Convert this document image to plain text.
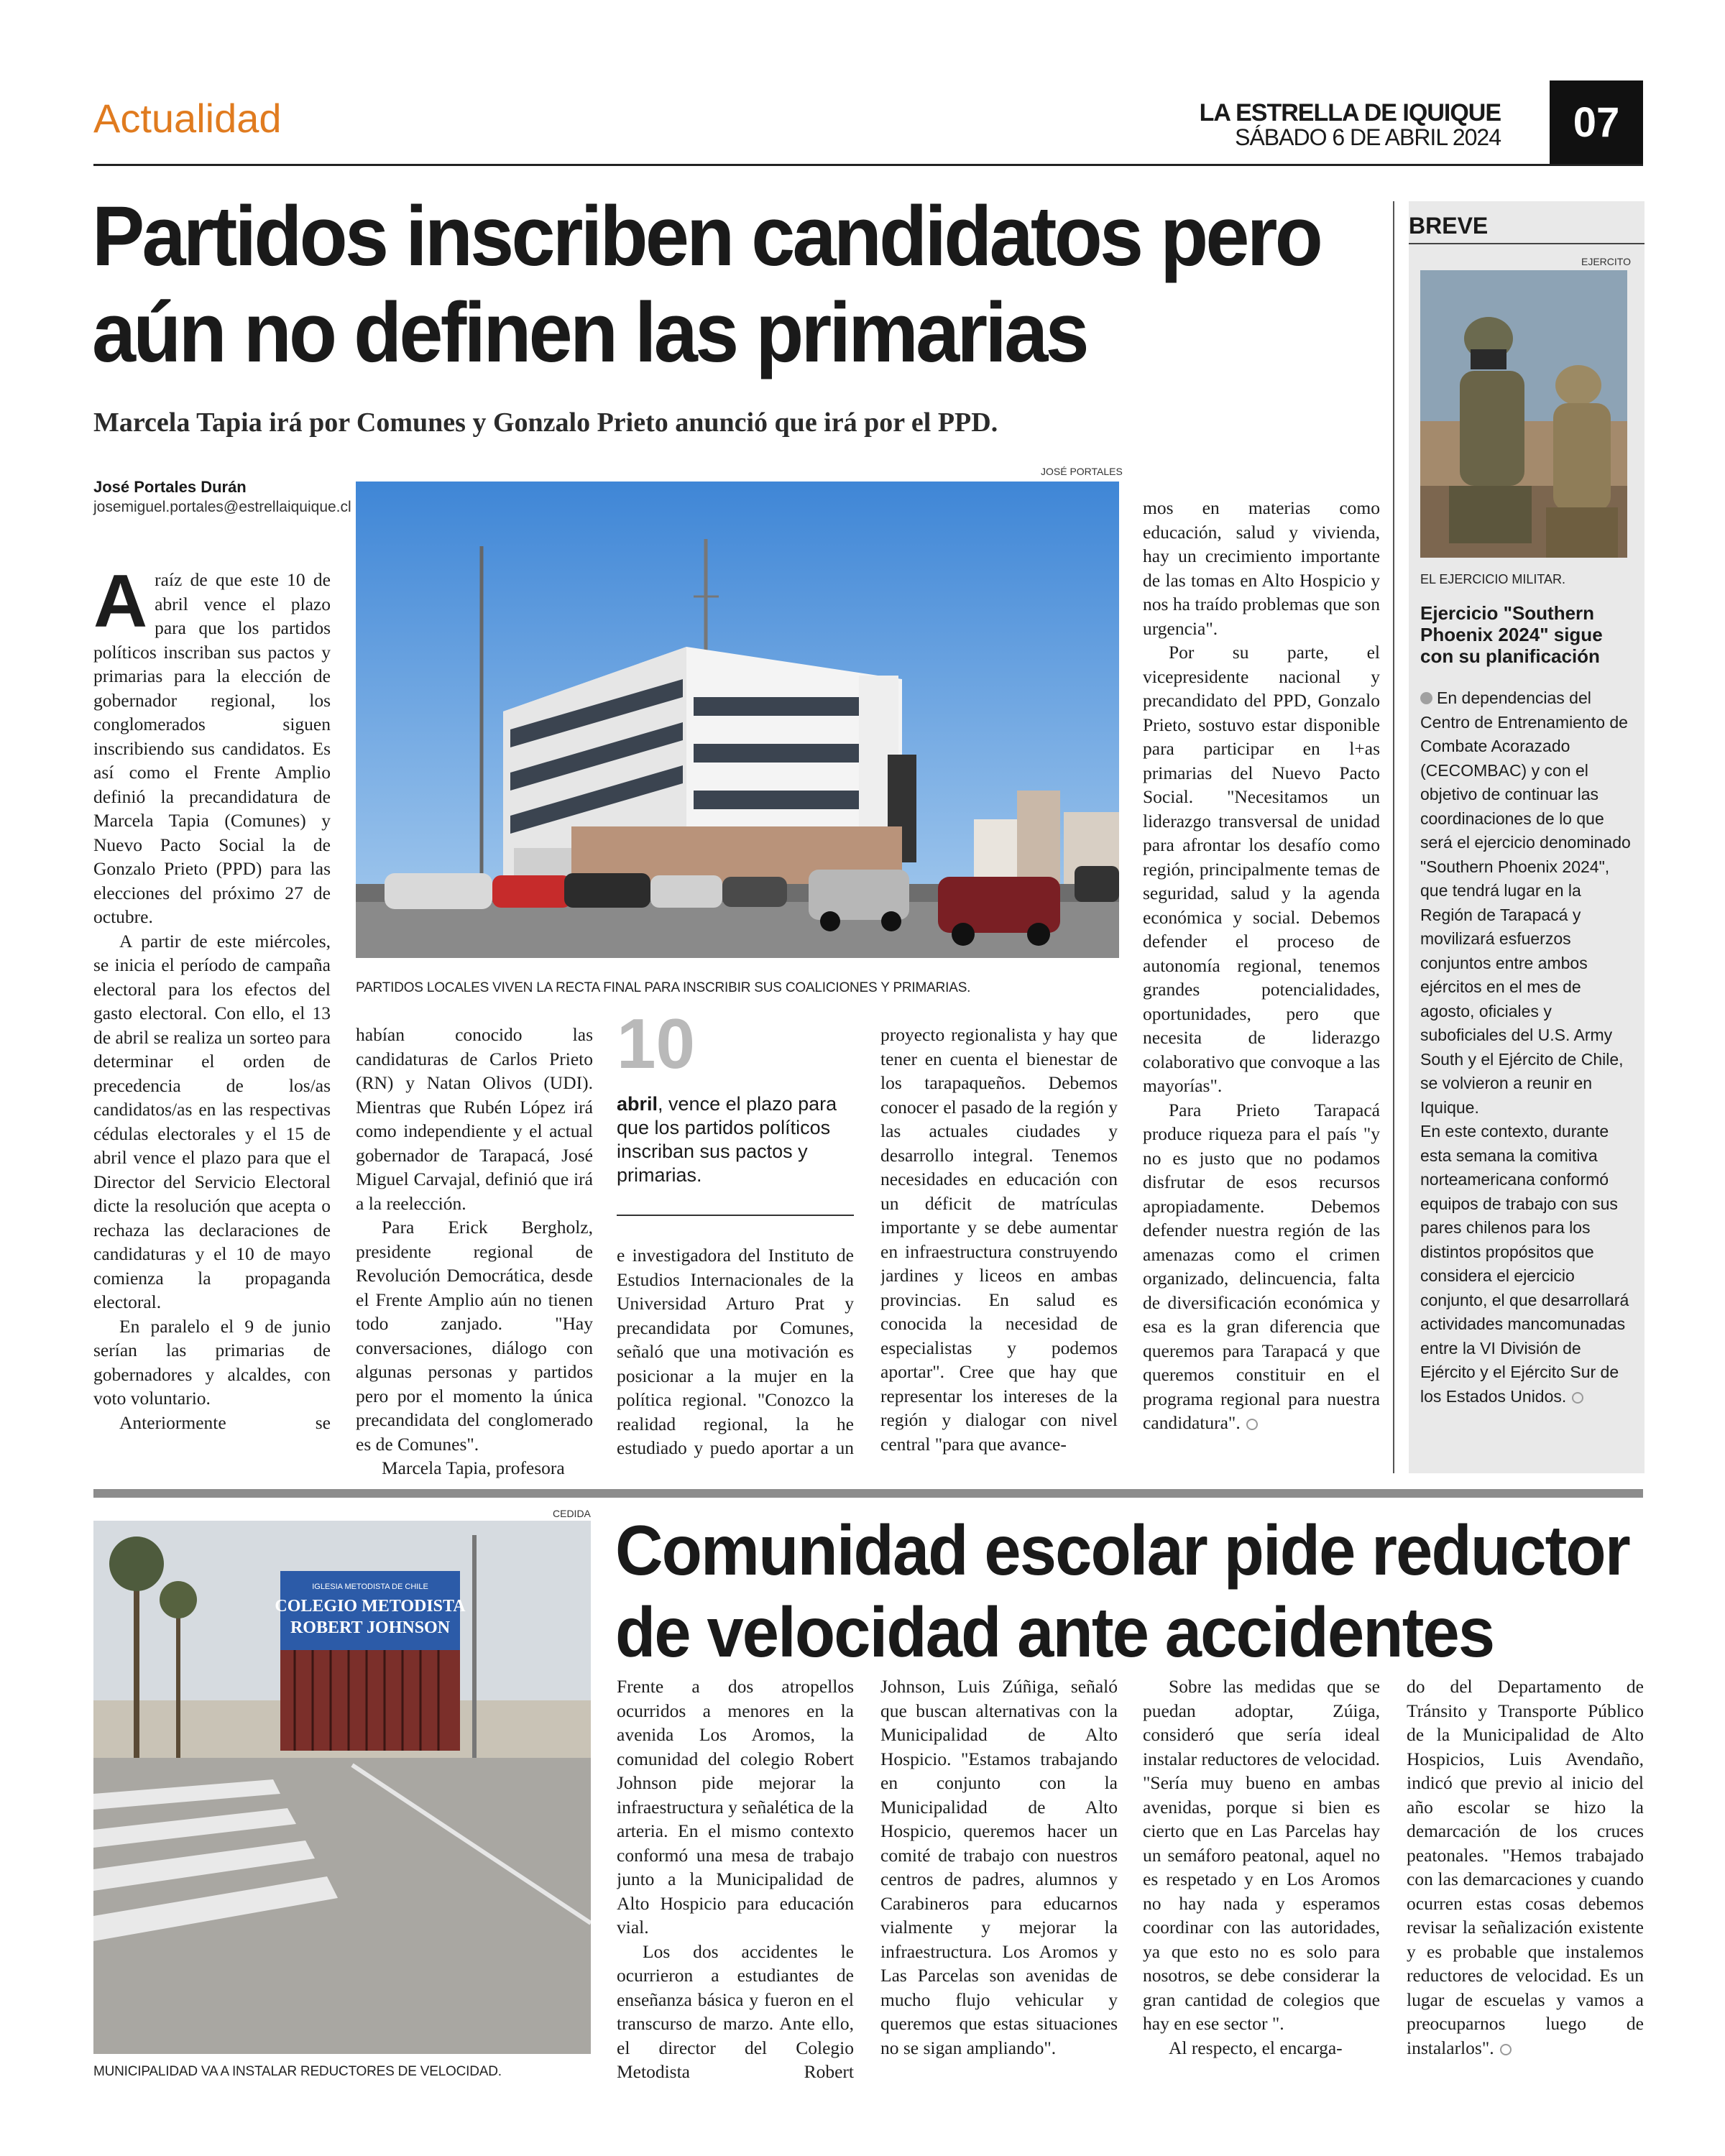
Actualidad	LA ESTRELLA DE IQUIQUE
SÁBADO 6 DE ABRIL 2024	07
Partidos inscriben candidatos pero
aún no definen las primarias
Marcela Tapia irá por Comunes y Gonzalo Prieto anunció que irá por el PPD.
José Portales Durán
josemiguel.portales@estrellaiquique.cl
JOSÉ PORTALES
PARTIDOS LOCALES VIVEN LA RECTA FINAL PARA INSCRIBIR SUS COALICIONES Y PRIMARIAS.

Araíz de que este 10 de abril vence el plazo para que los partidos políticos inscriban sus pactos y primarias para la elección de gobernador regional, los conglomerados siguen inscribiendo sus candidatos. Es así como el Frente Amplio definió la precandidatura de Marcela Tapia (Comunes) y Nuevo Pacto Social la de Gonzalo Prieto (PPD) para las elecciones del próximo 27 de octubre.

A partir de este miércoles, se inicia el período de campaña electoral para los efectos del gasto electoral. Con ello, el 13 de abril se realiza un sorteo para determinar el orden de precedencia de los/as candidatos/as en las respectivas cédulas electorales y el 15 de abril vence el plazo para que el Director del Servicio Electoral dicte la resolución que acepta o rechaza las declaraciones de candidaturas y el 10 de mayo comienza la propaganda electoral.

En paralelo el 9 de junio serían las primarias de gobernadores y alcaldes, con voto voluntario.

Anteriormente se

habían conocido las candidaturas de Carlos Prieto (RN) y Natan Olivos (UDI). Mientras que Rubén López irá como independiente y el actual gobernador de Tarapacá, José Miguel Carvajal, definió que irá a la reelección.

Para Erick Bergholz, presidente regional de Revolución Democrática, desde el Frente Amplio aún no tienen todo zanjado. "Hay conversaciones, diálogo con algunas personas y partidos pero por el momento la única precandidata del conglomerado es de Comunes".

Marcela Tapia, profesora

10
abril, vence el plazo para que los partidos políticos inscriban sus pactos y primarias.

e investigadora del Instituto de Estudios Internacionales de la Universidad Arturo Prat y precandidata por Comunes, señaló que una motivación es posicionar a la mujer en la política regional. "Conozco la realidad regional, la he estudiado y puedo aportar a un

proyecto regionalista y hay que tener en cuenta el bienestar de los tarapaqueños. Debemos conocer el pasado de la región y las actuales ciudades y desarrollo integral. Tenemos necesidades en educación con un déficit de matrículas importante y se debe aumentar en infraestructura construyendo jardines y liceos en ambas provincias. En salud es conocida la necesidad de especialistas y podemos aportar". Cree que hay que representar los intereses de la región y dialogar con nivel central "para que avance-

mos en materias como educación, salud y vivienda, hay un crecimiento importante de las tomas en Alto Hospicio y nos ha traído problemas que son urgencia".

Por su parte, el vicepresidente nacional y precandidato del PPD, Gonzalo Prieto, sostuvo estar disponible para participar en l+as primarias del Nuevo Pacto Social. "Necesitamos un liderazgo transversal de unidad para afrontar los desafío como región, principalmente temas de seguridad, salud y la agenda económica y social. Debemos defender el proceso de autonomía regional, tenemos grandes potencialidades, oportunidades, pero que necesita de liderazgo colaborativo que convoque a las mayorías".

Para Prieto Tarapacá produce riqueza para el país "y no es justo que no podamos disfrutar de esos recursos apropiadamente. Debemos defender nuestra región de las amenazas como el crimen organizado, delincuencia, falta de diversificación económica y esa es la gran diferencia que queremos para Tarapacá y que queremos constituir en el programa regional para nuestra candidatura".

BREVE
EJERCITO
EL EJERCICIO MILITAR.
Ejercicio "Southern Phoenix 2024" sigue con su planificación

En dependencias del Centro de Entrenamiento de Combate Acorazado (CECOMBAC) y con el objetivo de continuar las coordinaciones de lo que será el ejercicio denominado "Southern Phoenix 2024", que tendrá lugar en la Región de Tarapacá y movilizará esfuerzos conjuntos entre ambos ejércitos en el mes de agosto, oficiales y suboficiales del U.S. Army South y el Ejército de Chile, se volvieron a reunir en Iquique.

En este contexto, durante esta semana la comitiva norteamericana conformó equipos de trabajo con sus pares chilenos para los distintos propósitos que considera el ejercicio conjunto, el que desarrollará actividades mancomunadas entre la VI División de Ejército y el Ejército Sur de los Estados Unidos.

CEDIDA
IGLESIA METODISTA DE CHILE
COLEGIO METODISTA
ROBERT JOHNSON
MUNICIPALIDAD VA A INSTALAR REDUCTORES DE VELOCIDAD.
Comunidad escolar pide reductor
de velocidad ante accidentes

Frente a dos atropellos ocurridos a menores en la avenida Los Aromos, la comunidad del colegio Robert Johnson pide mejorar la infraestructura y señalética de la arteria. En el mismo contexto conformó una mesa de trabajo junto a la Municipalidad de Alto Hospicio para educación vial.

Los dos accidentes le ocurrieron a estudiantes de enseñanza básica y fueron en el transcurso de marzo. Ante ello, el director del Colegio Metodista Robert

Johnson, Luis Zúñiga, señaló que buscan alternativas con la Municipalidad de Alto Hospicio. "Estamos trabajando en conjunto con la Municipalidad de Alto Hospicio, queremos hacer un comité de trabajo con nuestros centros de padres, alumnos y Carabineros para educarnos vialmente y mejorar la infraestructura. Los Aromos y Las Parcelas son avenidas de mucho flujo vehicular y queremos que estas situaciones no se sigan ampliando".

Sobre las medidas que se puedan adoptar, Zúiga, consideró que sería ideal instalar reductores de velocidad. "Sería muy bueno en ambas avenidas, porque si bien es cierto que en Las Parcelas hay un semáforo peatonal, aquel no es respetado y en Los Aromos no hay nada y esperamos coordinar con las autoridades, ya que esto no es solo para nosotros, se debe considerar la gran cantidad de colegios que hay en ese sector ".

Al respecto, el encarga-

do del Departamento de Tránsito y Transporte Público de la Municipalidad de Alto Hospicios, Luis Avendaño, indicó que previo al inicio del año escolar se hizo la demarcación de los cruces peatonales. "Hemos trabajado con las demarcaciones y cuando ocurren estas cosas debemos revisar la señalización existente y es probable que instalemos reductores de velocidad. Es un lugar de escuelas y vamos a preocuparnos luego de instalarlos".
